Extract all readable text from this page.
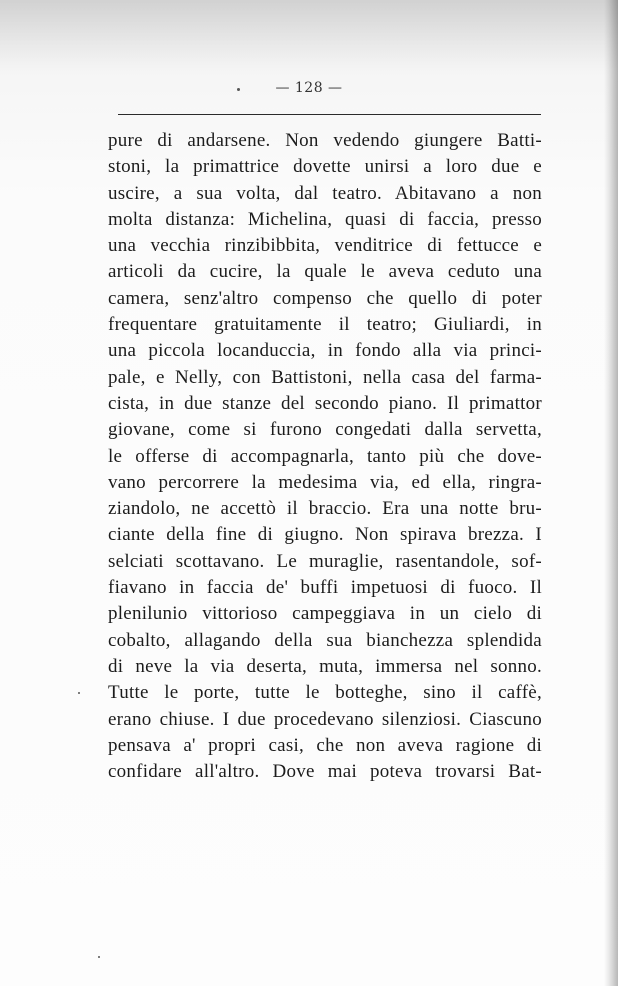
— 128 —
pure di andarsene. Non vedendo giungere Batti-
stoni, la primattrice dovette unirsi a loro due e
uscire, a sua volta, dal teatro. Abitavano a non
molta distanza: Michelina, quasi di faccia, presso
una vecchia rinzibibbita, venditrice di fettucce e
articoli da cucire, la quale le aveva ceduto una
camera, senz'altro compenso che quello di poter
frequentare gratuitamente il teatro; Giuliardi, in
una piccola locanduccia, in fondo alla via princi-
pale, e Nelly, con Battistoni, nella casa del farma-
cista, in due stanze del secondo piano. Il primattor
giovane, come si furono congedati dalla servetta,
le offerse di accompagnarla, tanto più che dove-
vano percorrere la medesima via, ed ella, ringra-
ziandolo, ne accettò il braccio. Era una notte bru-
ciante della fine di giugno. Non spirava brezza. I
selciati scottavano. Le muraglie, rasentandole, sof-
fiavano in faccia de' buffi impetuosi di fuoco. Il
plenilunio vittorioso campeggiava in un cielo di
cobalto, allagando della sua bianchezza splendida
di neve la via deserta, muta, immersa nel sonno.
Tutte le porte, tutte le botteghe, sino il caffè,
erano chiuse. I due procedevano silenziosi. Ciascuno
pensava a' propri casi, che non aveva ragione di
confidare all'altro. Dove mai poteva trovarsi Bat-
